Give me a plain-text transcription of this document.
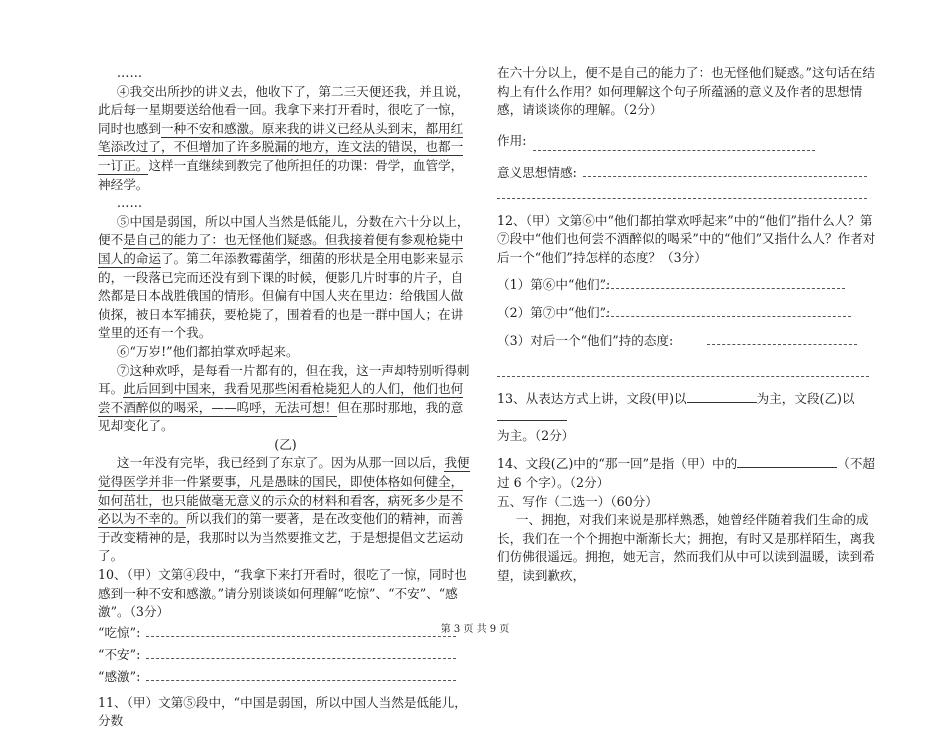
……

④我交出所抄的讲义去，他收下了，第二三天便还我，并且说，此后每一星期要送给他看一回。我拿下来打开看时，很吃了一惊，同时也感到一种不安和感激。原来我的讲义已经从头到末，都用红笔添改过了，不但增加了许多脱漏的地方，连文法的错误，也都一一订正。这样一直继续到教完了他所担任的功课：骨学，血管学，神经学。

……

⑤中国是弱国，所以中国人当然是低能儿，分数在六十分以上，便不是自己的能力了：也无怪他们疑惑。但我接着便有参观枪毙中国人的命运了。第二年添教霉菌学，细菌的形状是全用电影来显示的，一段落已完而还没有到下课的时候，便影几片时事的片子，自然都是日本战胜俄国的情形。但偏有中国人夹在里边：给俄国人做侦探，被日本军捕获，要枪毙了，围着看的也是一群中国人；在讲堂里的还有一个我。

⑥“万岁!”他们都拍掌欢呼起来。

⑦这种欢呼，是每看一片都有的，但在我，这一声却特别听得刺耳。此后回到中国来，我看见那些闲看枪毙犯人的人们，他们也何尝不酒醉似的喝采，——呜呼，无法可想！但在那时那地，我的意见却变化了。

(乙)

这一年没有完毕，我已经到了东京了。因为从那一回以后，我便觉得医学并非一件紧要事，凡是愚昧的国民，即使体格如何健全，如何茁壮，也只能做毫无意义的示众的材料和看客，病死多少是不必以为不幸的。所以我们的第一要著，是在改变他们的精神，而善于改变精神的是，我那时以为当然要推文艺，于是想提倡文艺运动了。

10、（甲）文第④段中，“我拿下来打开看时，很吃了一惊，同时也感到一种不安和感激。”请分别谈谈如何理解“吃惊”、“不安”、“感激”。（3分）

“吃惊”:
“不安”:
“感激”:

11、（甲）文第⑤段中，“中国是弱国，所以中国人当然是低能儿，分数

在六十分以上，便不是自己的能力了：也无怪他们疑惑。”这句话在结构上有什么作用？如何理解这个句子所蕴涵的意义及作者的思想情感，请谈谈你的理解。（2分）

作用:
意义思想情感:

12、（甲）文第⑥中“他们都拍掌欢呼起来”中的“他们”指什么人？第⑦段中“他们也何尝不酒醉似的喝采”中的“他们”又指什么人？作者对后一个“他们”持怎样的态度？（3分）

（1）第⑥中“他们”:
（2）第⑦中“他们”:
（3）对后一个“他们”持的态度:

13、从表达方式上讲，文段(甲)以	为主，文段(乙)以
为主。（2分）

14、文段(乙)中的“那一回”是指（甲）中的	（不超过 6 个字）。（2分）

五、写作（二选一）（60分）

一、拥抱，对我们来说是那样熟悉，她曾经伴随着我们生命的成长，我们在一个个拥抱中渐渐长大；拥抱，有时又是那样陌生，离我们仿佛很遥远。拥抱，她无言，然而我们从中可以读到温暖，读到希望，读到歉疚，

第 3 页 共 9 页
